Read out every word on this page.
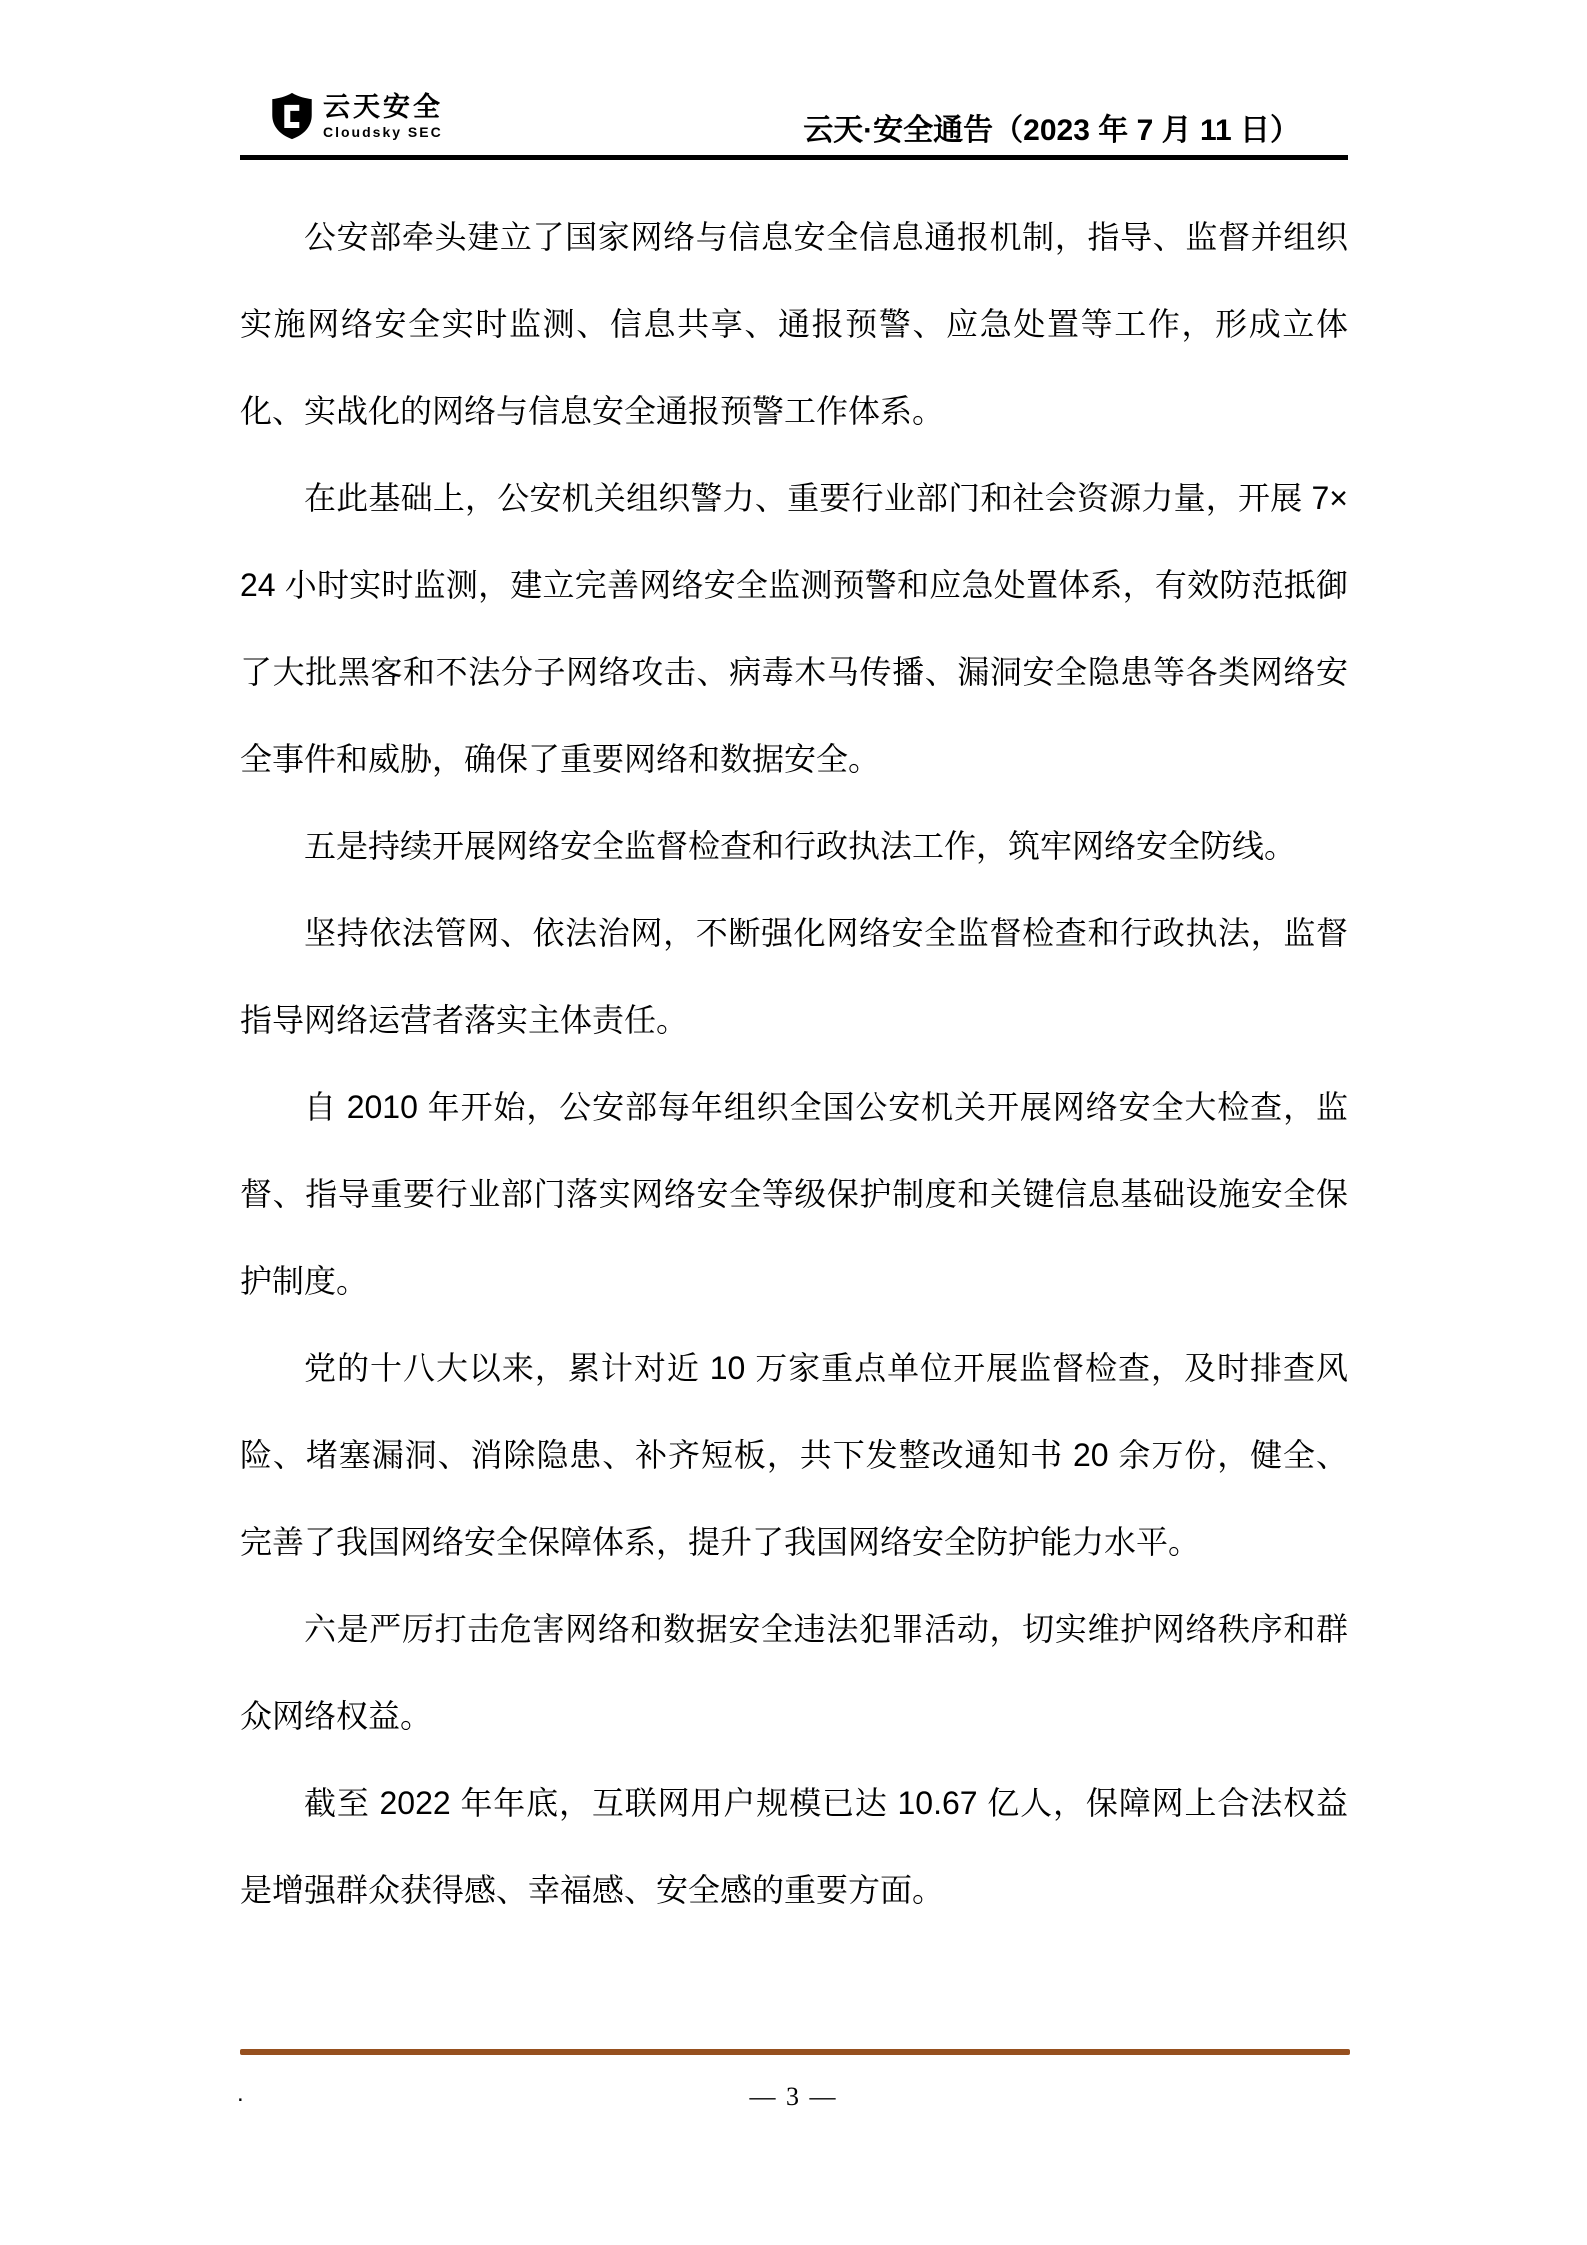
云天安全
Cloudsky SEC	云天·安全通告（2023 年 7 月 11 日）

公安部牵头建立了国家网络与信息安全信息通报机制，指导、监督并组织实施网络安全实时监测、信息共享、通报预警、应急处置等工作，形成立体化、实战化的网络与信息安全通报预警工作体系。

在此基础上，公安机关组织警力、重要行业部门和社会资源力量，开展 7×24 小时实时监测，建立完善网络安全监测预警和应急处置体系，有效防范抵御了大批黑客和不法分子网络攻击、病毒木马传播、漏洞安全隐患等各类网络安全事件和威胁，确保了重要网络和数据安全。

五是持续开展网络安全监督检查和行政执法工作，筑牢网络安全防线。

坚持依法管网、依法治网，不断强化网络安全监督检查和行政执法，监督指导网络运营者落实主体责任。

自 2010 年开始，公安部每年组织全国公安机关开展网络安全大检查，监督、指导重要行业部门落实网络安全等级保护制度和关键信息基础设施安全保护制度。

党的十八大以来，累计对近 10 万家重点单位开展监督检查，及时排查风险、堵塞漏洞、消除隐患、补齐短板，共下发整改通知书 20 余万份，健全、完善了我国网络安全保障体系，提升了我国网络安全防护能力水平。

六是严厉打击危害网络和数据安全违法犯罪活动，切实维护网络秩序和群众网络权益。

截至 2022 年年底，互联网用户规模已达 10.67 亿人，保障网上合法权益是增强群众获得感、幸福感、安全感的重要方面。

.	— 3 —
